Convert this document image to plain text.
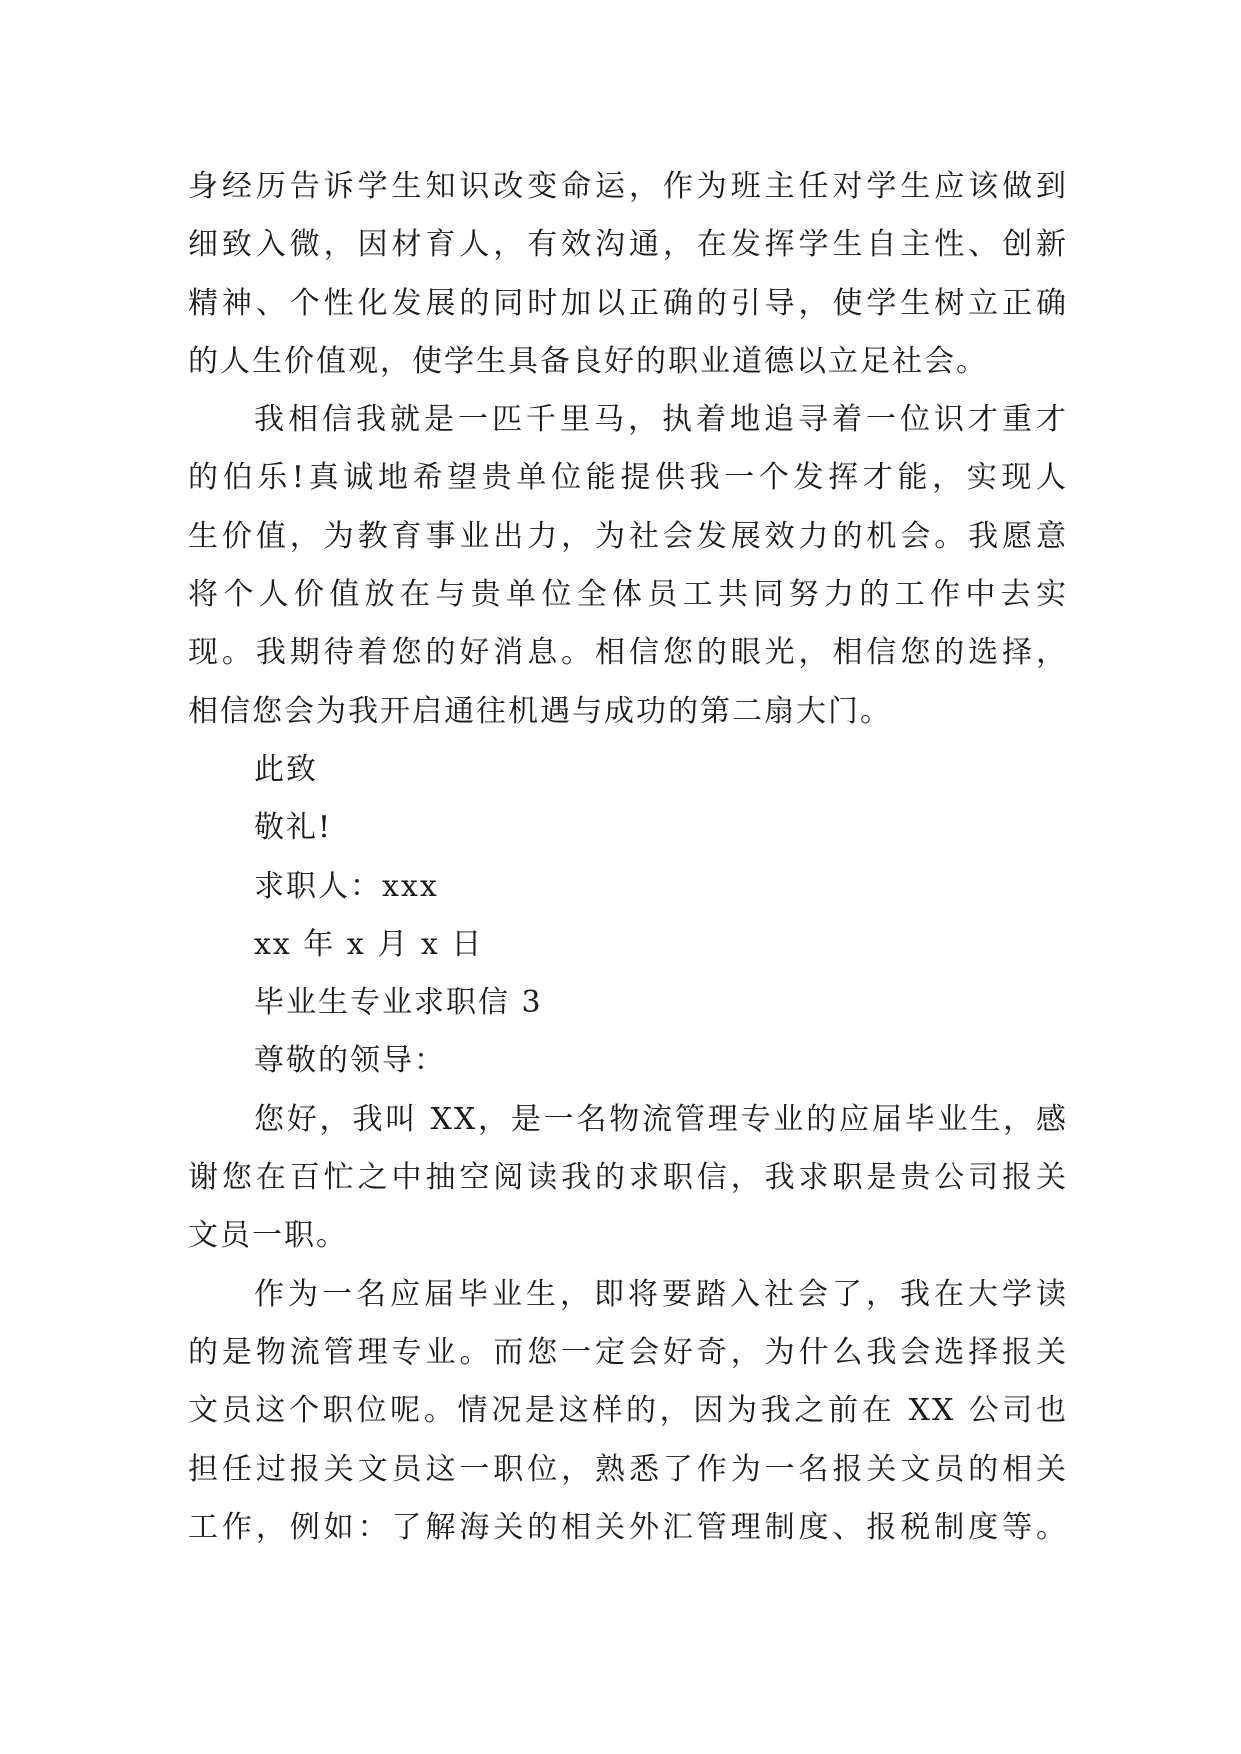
身经历告诉学生知识改变命运，作为班主任对学生应该做到
细致入微，因材育人，有效沟通，在发挥学生自主性、创新
精神、个性化发展的同时加以正确的引导，使学生树立正确
的人生价值观，使学生具备良好的职业道德以立足社会。
我相信我就是一匹千里马，执着地追寻着一位识才重才
的伯乐!真诚地希望贵单位能提供我一个发挥才能，实现人
生价值，为教育事业出力，为社会发展效力的机会。我愿意
将个人价值放在与贵单位全体员工共同努力的工作中去实
现。我期待着您的好消息。相信您的眼光，相信您的选择，
相信您会为我开启通往机遇与成功的第二扇大门。
此致
敬礼!
求职人：xxx
xx 年 x 月 x 日
毕业生专业求职信 3
尊敬的领导：
您好，我叫 XX，是一名物流管理专业的应届毕业生，感
谢您在百忙之中抽空阅读我的求职信，我求职是贵公司报关
文员一职。
作为一名应届毕业生，即将要踏入社会了，我在大学读
的是物流管理专业。而您一定会好奇，为什么我会选择报关
文员这个职位呢。情况是这样的，因为我之前在 XX 公司也
担任过报关文员这一职位，熟悉了作为一名报关文员的相关
工作，例如：了解海关的相关外汇管理制度、报税制度等。
